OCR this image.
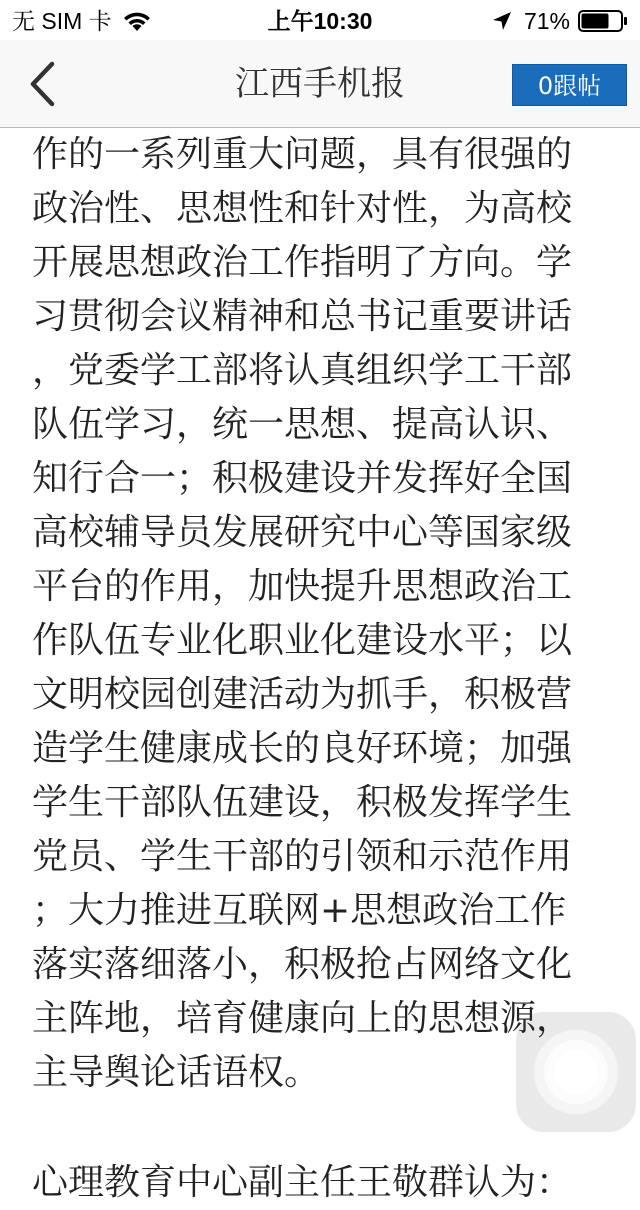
无 SIM 卡	上午10:30	71%
江西手机报	0跟帖
作的一系列重大问题，具有很强的
政治性、思想性和针对性，为高校
开展思想政治工作指明了方向。学
习贯彻会议精神和总书记重要讲话
，党委学工部将认真组织学工干部
队伍学习，统一思想、提高认识、
知行合一；积极建设并发挥好全国
高校辅导员发展研究中心等国家级
平台的作用，加快提升思想政治工
作队伍专业化职业化建设水平；以
文明校园创建活动为抓手，积极营
造学生健康成长的良好环境；加强
学生干部队伍建设，积极发挥学生
党员、学生干部的引领和示范作用
；大力推进互联网+思想政治工作
落实落细落小，积极抢占网络文化
主阵地，培育健康向上的思想源，
主导舆论话语权。
心理教育中心副主任王敬群认为：
